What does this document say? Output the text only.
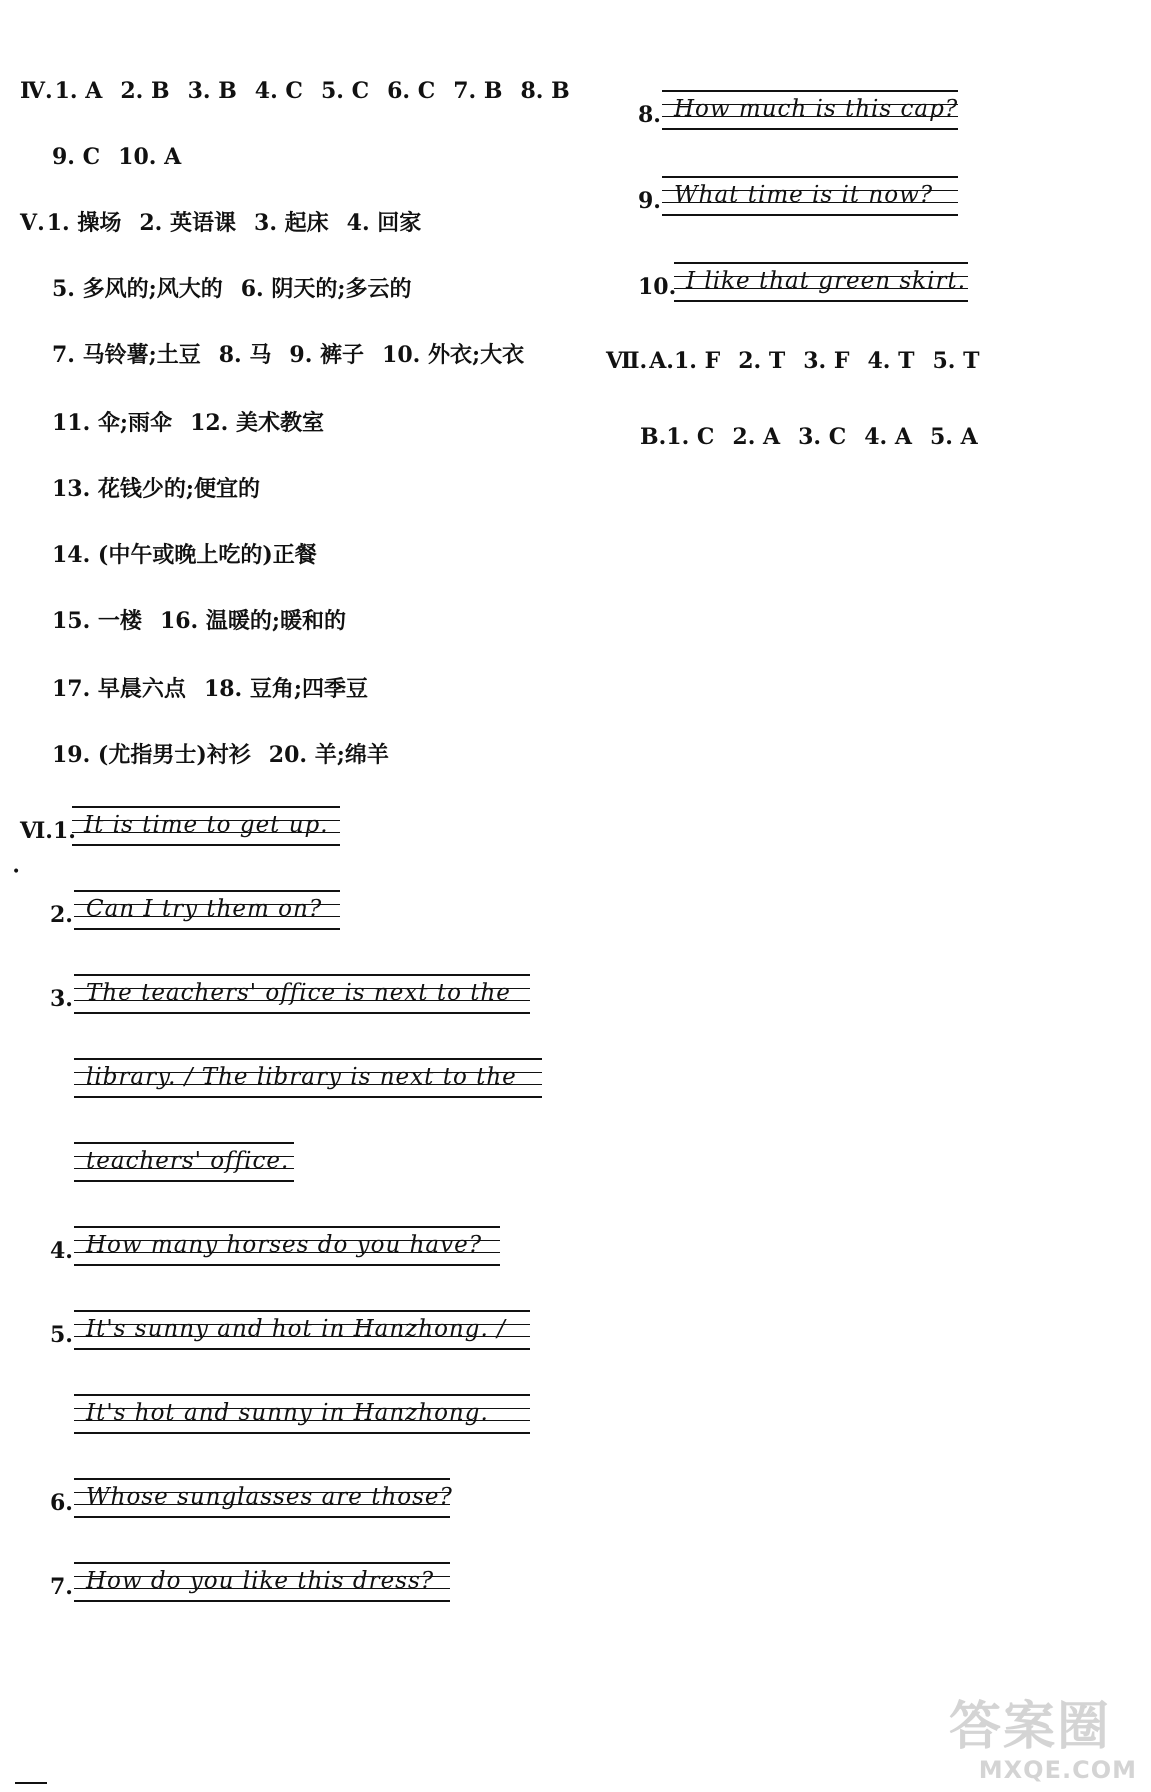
Ⅳ.1. A 2. B 3. B 4. C 5. C 6. C 7. B 8. B
9. C 10. A
Ⅴ.1. 操场 2. 英语课 3. 起床 4. 回家
5. 多风的;风大的 6. 阴天的;多云的
7. 马铃薯;土豆 8. 马 9. 裤子 10. 外衣;大衣
11. 伞;雨伞 12. 美术教室
13. 花钱少的;便宜的
14. (中午或晚上吃的)正餐
15. 一楼 16. 温暖的;暖和的
17. 早晨六点 18. 豆角;四季豆
19. (尤指男士)衬衫 20. 羊;绵羊
•
Ⅵ.1. It is time to get up.
2. Can I try them on?
3. The teachers' office is next to the
library. / The library is next to the
teachers' office.
4. How many horses do you have?
5. It's sunny and hot in Hanzhong. /
It's hot and sunny in Hanzhong.
6. Whose sunglasses are those?
7. How do you like this dress?
8. How much is this cap?
9. What time is it now?
10. I like that green skirt.
Ⅶ.A.1. F 2. T 3. F 4. T 5. T
B.1. C 2. A 3. C 4. A 5. A
答案圈
MXQE.COM
